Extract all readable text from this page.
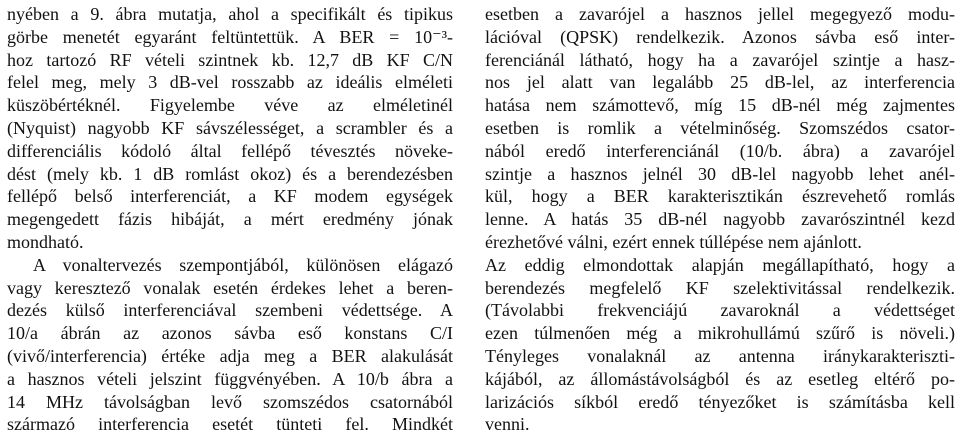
nyében a 9. ábra mutatja, ahol a specifikált és tipikus
görbe menetét egyaránt feltüntettük. A BER = 10⁻³-
hoz tartozó RF vételi szintnek kb. 12,7 dB KF C/N
felel meg, mely 3 dB-vel rosszabb az ideális elméleti
küszöbértéknél. Figyelembe véve az elméletinél
(Nyquist) nagyobb KF sávszélességet, a scrambler és a
differenciális kódoló által fellépő tévesztés növeke-
dést (mely kb. 1 dB romlást okoz) és a berendezésben
fellépő belső interferenciát, a KF modem egységek
megengedett fázis hibáját, a mért eredmény jónak
mondható.
A vonaltervezés szempontjából, különösen elágazó
vagy keresztező vonalak esetén érdekes lehet a beren-
dezés külső interferenciával szembeni védettsége. A
10/a ábrán az azonos sávba eső konstans C/I
(vivő/interferencia) értéke adja meg a BER alakulását
a hasznos vételi jelszint függvényében. A 10/b ábra a
14 MHz távolságban levő szomszédos csatornából
származó interferencia esetét tünteti fel. Mindkét
esetben a zavarójel a hasznos jellel megegyező modu-
lációval (QPSK) rendelkezik. Azonos sávba eső inter-
ferenciánál látható, hogy ha a zavarójel szintje a hasz-
nos jel alatt van legalább 25 dB-lel, az interferencia
hatása nem számottevő, míg 15 dB-nél még zajmentes
esetben is romlik a vételminőség. Szomszédos csator-
nából eredő interferenciánál (10/b. ábra) a zavarójel
szintje a hasznos jelnél 30 dB-lel nagyobb lehet anél-
kül, hogy a BER karakterisztikán észrevehető romlás
lenne. A hatás 35 dB-nél nagyobb zavarószintnél kezd
érezhetővé válni, ezért ennek túllépése nem ajánlott.
Az eddig elmondottak alapján megállapítható, hogy a
berendezés megfelelő KF szelektivitással rendelkezik.
(Távolabbi frekvenciájú zavaroknál a védettséget
ezen túlmenően még a mikrohullámú szűrő is növeli.)
Tényleges vonalaknál az antenna iránykarakteriszti-
kájából, az állomástávolságból és az esetleg eltérő po-
larizációs síkból eredő tényezőket is számításba kell
venni.
